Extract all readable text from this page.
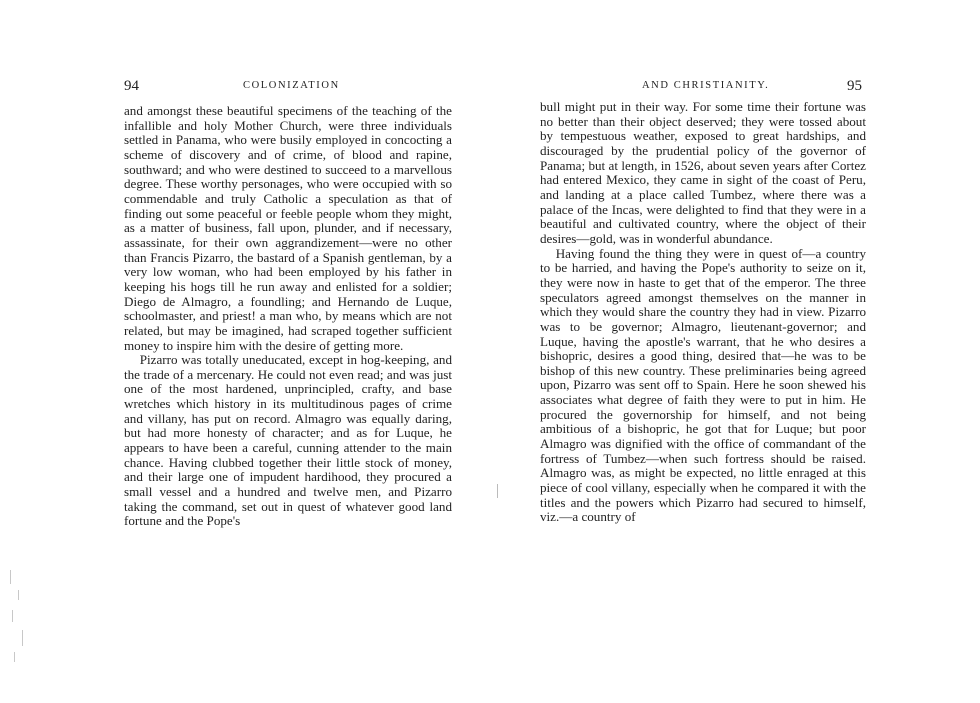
94	COLONIZATION

and amongst these beautiful specimens of the teaching of the infallible and holy Mother Church, were three individuals settled in Panama, who were busily employed in concocting a scheme of discovery and of crime, of blood and rapine, southward; and who were destined to succeed to a marvellous degree. These worthy personages, who were occupied with so commendable and truly Catholic a speculation as that of finding out some peaceful or feeble people whom they might, as a matter of business, fall upon, plunder, and if necessary, assassinate, for their own aggrandizement—were no other than Francis Pizarro, the bastard of a Spanish gentleman, by a very low woman, who had been employed by his father in keeping his hogs till he run away and enlisted for a soldier; Diego de Almagro, a foundling; and Hernando de Luque, schoolmaster, and priest! a man who, by means which are not related, but may be imagined, had scraped together sufficient money to inspire him with the desire of getting more.

Pizarro was totally uneducated, except in hog-keeping, and the trade of a mercenary. He could not even read; and was just one of the most hardened, unprincipled, crafty, and base wretches which history in its multitudinous pages of crime and villany, has put on record. Almagro was equally daring, but had more honesty of character; and as for Luque, he appears to have been a careful, cunning attender to the main chance. Having clubbed together their little stock of money, and their large one of impudent hardihood, they procured a small vessel and a hundred and twelve men, and Pizarro taking the command, set out in quest of whatever good land fortune and the Pope's

AND CHRISTIANITY.	95

bull might put in their way. For some time their fortune was no better than their object deserved; they were tossed about by tempestuous weather, exposed to great hardships, and discouraged by the prudential policy of the governor of Panama; but at length, in 1526, about seven years after Cortez had entered Mexico, they came in sight of the coast of Peru, and landing at a place called Tumbez, where there was a palace of the Incas, were delighted to find that they were in a beautiful and cultivated country, where the object of their desires—gold, was in wonderful abundance.

Having found the thing they were in quest of—a country to be harried, and having the Pope's authority to seize on it, they were now in haste to get that of the emperor. The three speculators agreed amongst themselves on the manner in which they would share the country they had in view. Pizarro was to be governor; Almagro, lieutenant-governor; and Luque, having the apostle's warrant, that he who desires a bishopric, desires a good thing, desired that—he was to be bishop of this new country. These preliminaries being agreed upon, Pizarro was sent off to Spain. Here he soon shewed his associates what degree of faith they were to put in him. He procured the governorship for himself, and not being ambitious of a bishopric, he got that for Luque; but poor Almagro was dignified with the office of commandant of the fortress of Tumbez—when such fortress should be raised. Almagro was, as might be expected, no little enraged at this piece of cool villany, especially when he compared it with the titles and the powers which Pizarro had secured to himself, viz.—a country of
